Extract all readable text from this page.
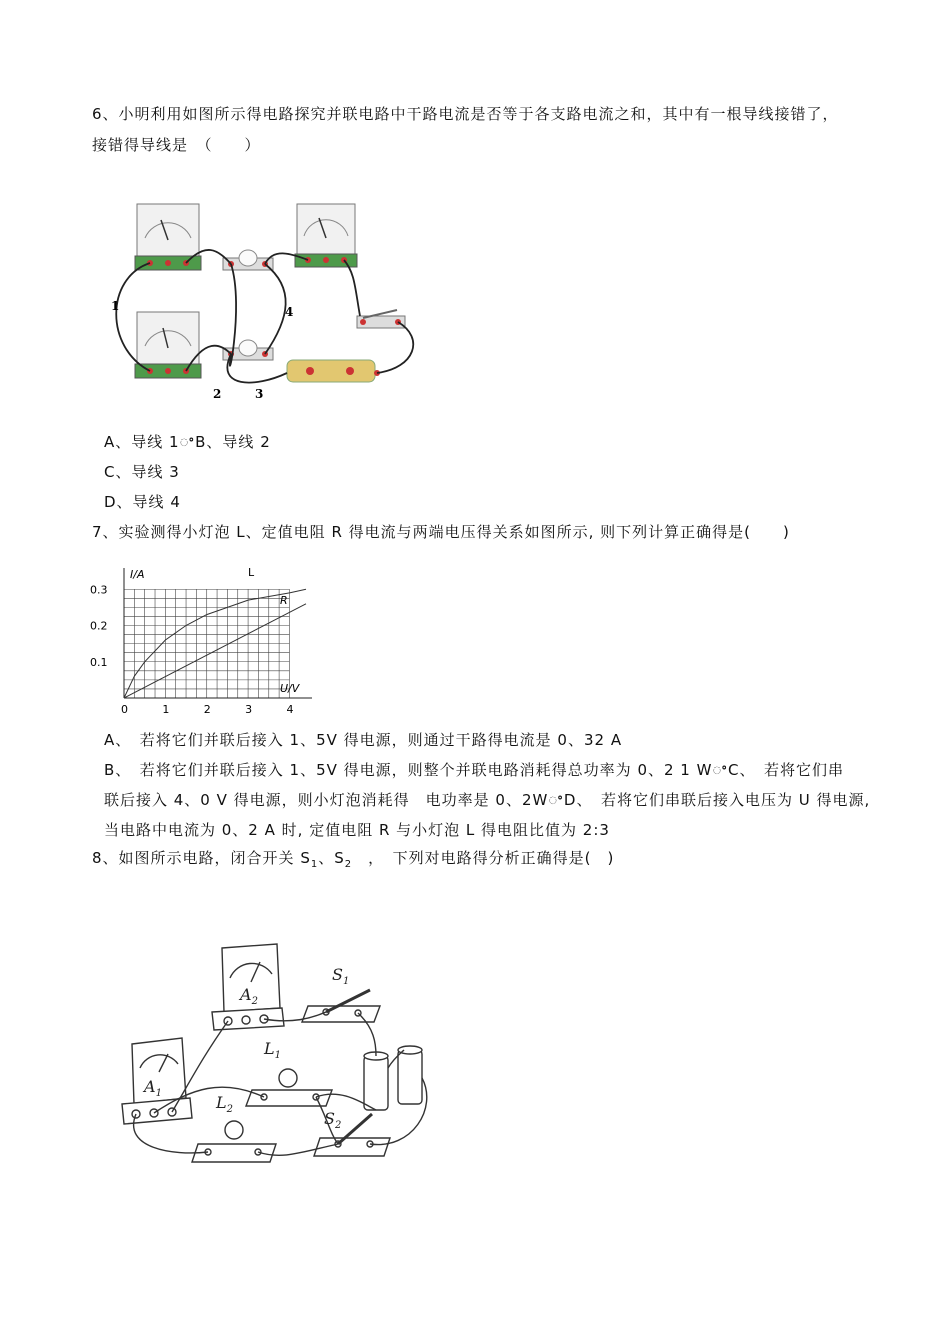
6、小明利用如图所示得电路探究并联电路中干路电流是否等于各支路电流之和，其中有一根导线接错了，
接错得导线是　（　　）
1
2	3
4
A、导线 1ꢀB、导线 2
C、导线 3
D、导线 4
7、实验测得小灯泡 L、定值电阻 R 得电流与两端电压得关系如图所示, 则下列计算正确得是(　　)
I/A
U/V
L
R
0	1	2	3	4
0.1
0.2
0.3
A、　若将它们并联后接入 1、5V 得电源，则通过干路得电流是 0、32 A
B、　若将它们并联后接入 1、5V 得电源，则整个并联电路消耗得总功率为 0、2 1 WꢀC、　若将它们串
联后接入 4、0 V 得电源，则小灯泡消耗得　电功率是 0、2WꢀD、　若将它们串联后接入电压为 U 得电源,
当电路中电流为 0、2 A 时, 定值电阻 R 与小灯泡 L 得电阻比值为 2:3
8、如图所示电路，闭合开关 $S_1$、$S_2$　，　下列对电路得分析正确得是(　)
$A_2$
$A_1$
$S_1$
$S_2$
$L_1$
$L_2$
